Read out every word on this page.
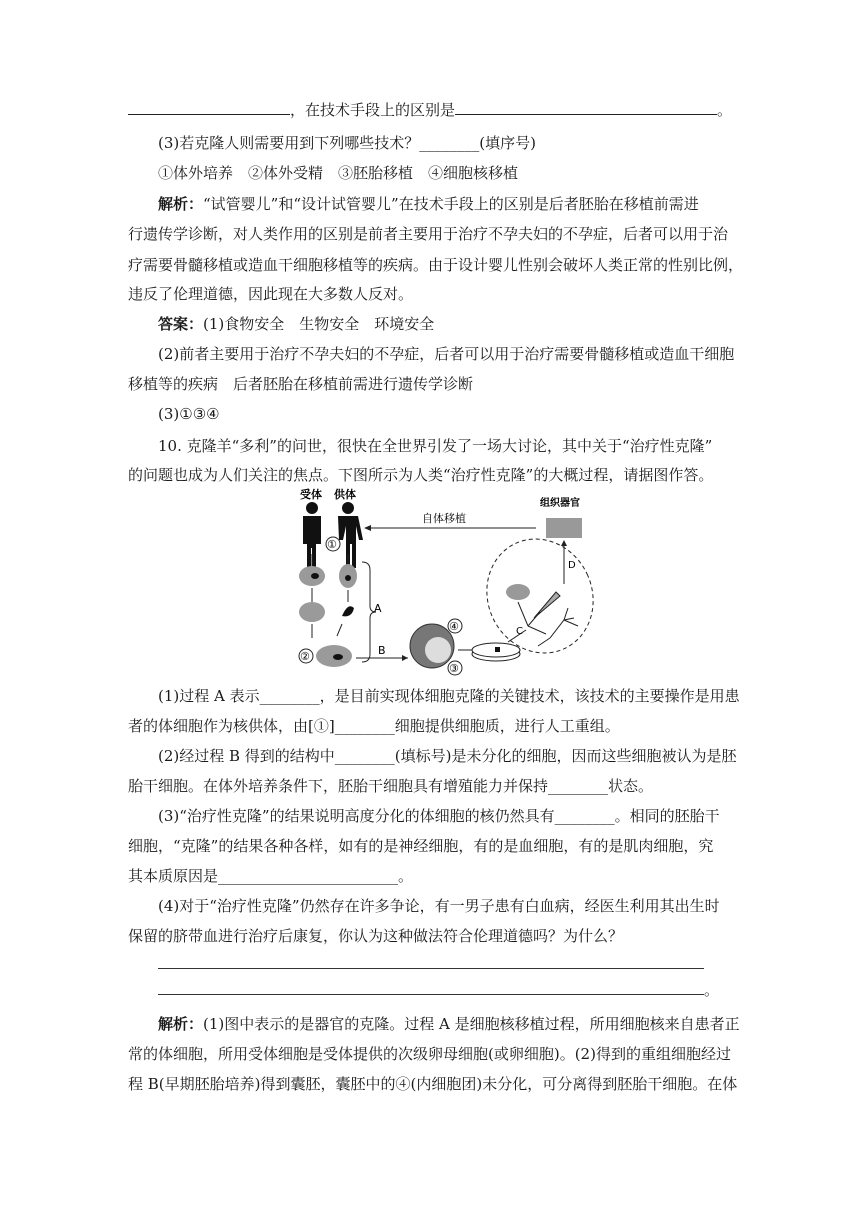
，在技术手段上的区别是	。
(3)若克隆人则需要用到下列哪些技术？________(填序号)
①体外培养　②体外受精　③胚胎移植　④细胞核移植
解析：“试管婴儿”和“设计试管婴儿”在技术手段上的区别是后者胚胎在移植前需进
行遗传学诊断，对人类作用的区别是前者主要用于治疗不孕夫妇的不孕症，后者可以用于治
疗需要骨髓移植或造血干细胞移植等的疾病。由于设计婴儿性别会破坏人类正常的性别比例，
违反了伦理道德，因此现在大多数人反对。
答案：(1)食物安全　生物安全　环境安全
(2)前者主要用于治疗不孕夫妇的不孕症，后者可以用于治疗需要骨髓移植或造血干细胞
移植等的疾病　后者胚胎在移植前需进行遗传学诊断
(3)①③④
10. 克隆羊“多利”的问世，很快在全世界引发了一场大讨论，其中关于“治疗性克隆”
的问题也成为人们关注的焦点。下图所示为人类“治疗性克隆”的大概过程，请据图作答。
受体 供体
①
②
A
B
④
③
C
D
组织器官
自体移植
(1)过程 A 表示________，是目前实现体细胞克隆的关键技术，该技术的主要操作是用患
者的体细胞作为核供体，由[①]________细胞提供细胞质，进行人工重组。
(2)经过程 B 得到的结构中________(填标号)是未分化的细胞，因而这些细胞被认为是胚
胎干细胞。在体外培养条件下，胚胎干细胞具有增殖能力并保持________状态。
(3)“治疗性克隆”的结果说明高度分化的体细胞的核仍然具有________。相同的胚胎干
细胞，“克隆”的结果各种各样，如有的是神经细胞，有的是血细胞，有的是肌肉细胞，究
其本质原因是________________________。
(4)对于“治疗性克隆”仍然存在许多争论，有一男子患有白血病，经医生利用其出生时
保留的脐带血进行治疗后康复，你认为这种做法符合伦理道德吗？为什么？
。
解析：(1)图中表示的是器官的克隆。过程 A 是细胞核移植过程，所用细胞核来自患者正
常的体细胞，所用受体细胞是受体提供的次级卵母细胞(或卵细胞)。(2)得到的重组细胞经过
程 B(早期胚胎培养)得到囊胚，囊胚中的④(内细胞团)未分化，可分离得到胚胎干细胞。在体
